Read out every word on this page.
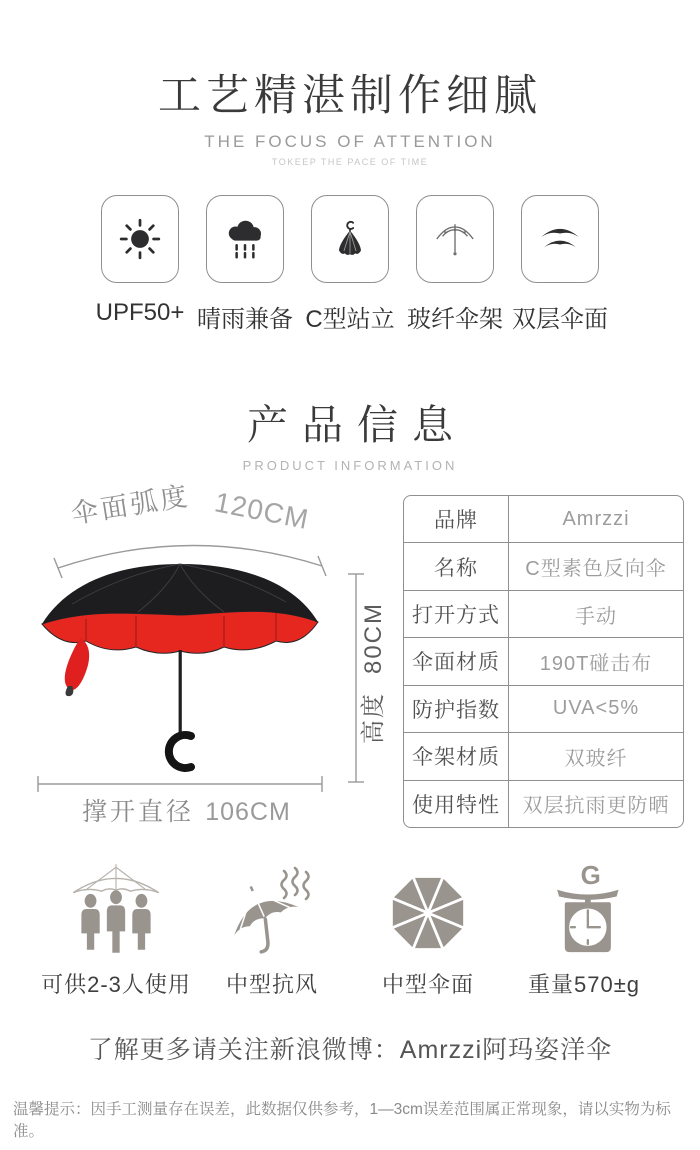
工艺精湛制作细腻
THE FOCUS OF ATTENTION
TOKEEP THE PACE OF TIME
UPF50+ 晴雨兼备 C型站立 玻纤伞架 双层伞面
产品信息
PRODUCT INFORMATION
伞面弧度 120CM
80CM
高度
撑开直径 106CM
品牌	Amrzzi
名称	C型素色反向伞
打开方式	手动
伞面材质	190T碰击布
防护指数	UVA<5%
伞架材质	双玻纤
使用特性	双层抗雨更防晒
可供2-3人使用 中型抗风	中型伞面
G
重量570±g
了解更多请关注新浪微博：Amrzzi阿玛姿洋伞
温馨提示：因手工测量存在误差，此数据仅供参考，1—3cm误差范围属正常现象，请以实物为标准。
